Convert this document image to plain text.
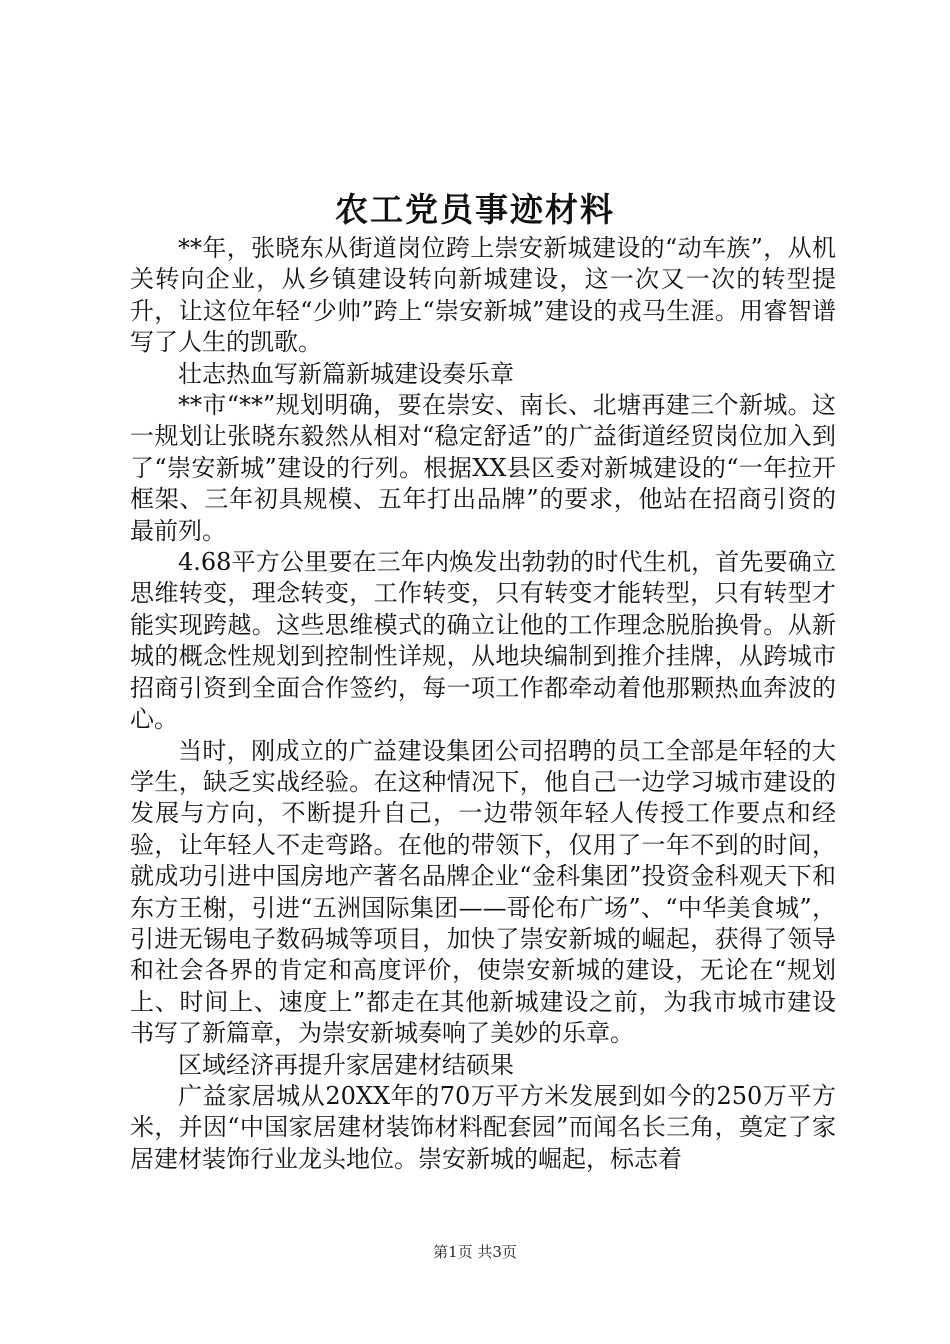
农工党员事迹材料

**年，张晓东从街道岗位跨上崇安新城建设的“动车族”，从机关转向企业，从乡镇建设转向新城建设，这一次又一次的转型提升，让这位年轻“少帅”跨上“崇安新城”建设的戎马生涯。用睿智谱写了人生的凯歌。

壮志热血写新篇新城建设奏乐章

**市“**”规划明确，要在崇安、南长、北塘再建三个新城。这一规划让张晓东毅然从相对“稳定舒适”的广益街道经贸岗位加入到了“崇安新城”建设的行列。根据XX县区委对新城建设的“一年拉开框架、三年初具规模、五年打出品牌”的要求，他站在招商引资的最前列。

4.68平方公里要在三年内焕发出勃勃的时代生机，首先要确立思维转变，理念转变，工作转变，只有转变才能转型，只有转型才能实现跨越。这些思维模式的确立让他的工作理念脱胎换骨。从新城的概念性规划到控制性详规，从地块编制到推介挂牌，从跨城市招商引资到全面合作签约，每一项工作都牵动着他那颗热血奔波的心。

当时，刚成立的广益建设集团公司招聘的员工全部是年轻的大学生，缺乏实战经验。在这种情况下，他自己一边学习城市建设的发展与方向，不断提升自己，一边带领年轻人传授工作要点和经验，让年轻人不走弯路。在他的带领下，仅用了一年不到的时间，就成功引进中国房地产著名品牌企业“金科集团”投资金科观天下和东方王榭，引进“五洲国际集团——哥伦布广场”、“中华美食城”，引进无锡电子数码城等项目，加快了崇安新城的崛起，获得了领导和社会各界的肯定和高度评价，使崇安新城的建设，无论在“规划上、时间上、速度上”都走在其他新城建设之前，为我市城市建设书写了新篇章，为崇安新城奏响了美妙的乐章。

区域经济再提升家居建材结硕果

广益家居城从20XX年的70万平方米发展到如今的250万平方米，并因“中国家居建材装饰材料配套园”而闻名长三角，奠定了家居建材装饰行业龙头地位。崇安新城的崛起，标志着

第1页 共3页
